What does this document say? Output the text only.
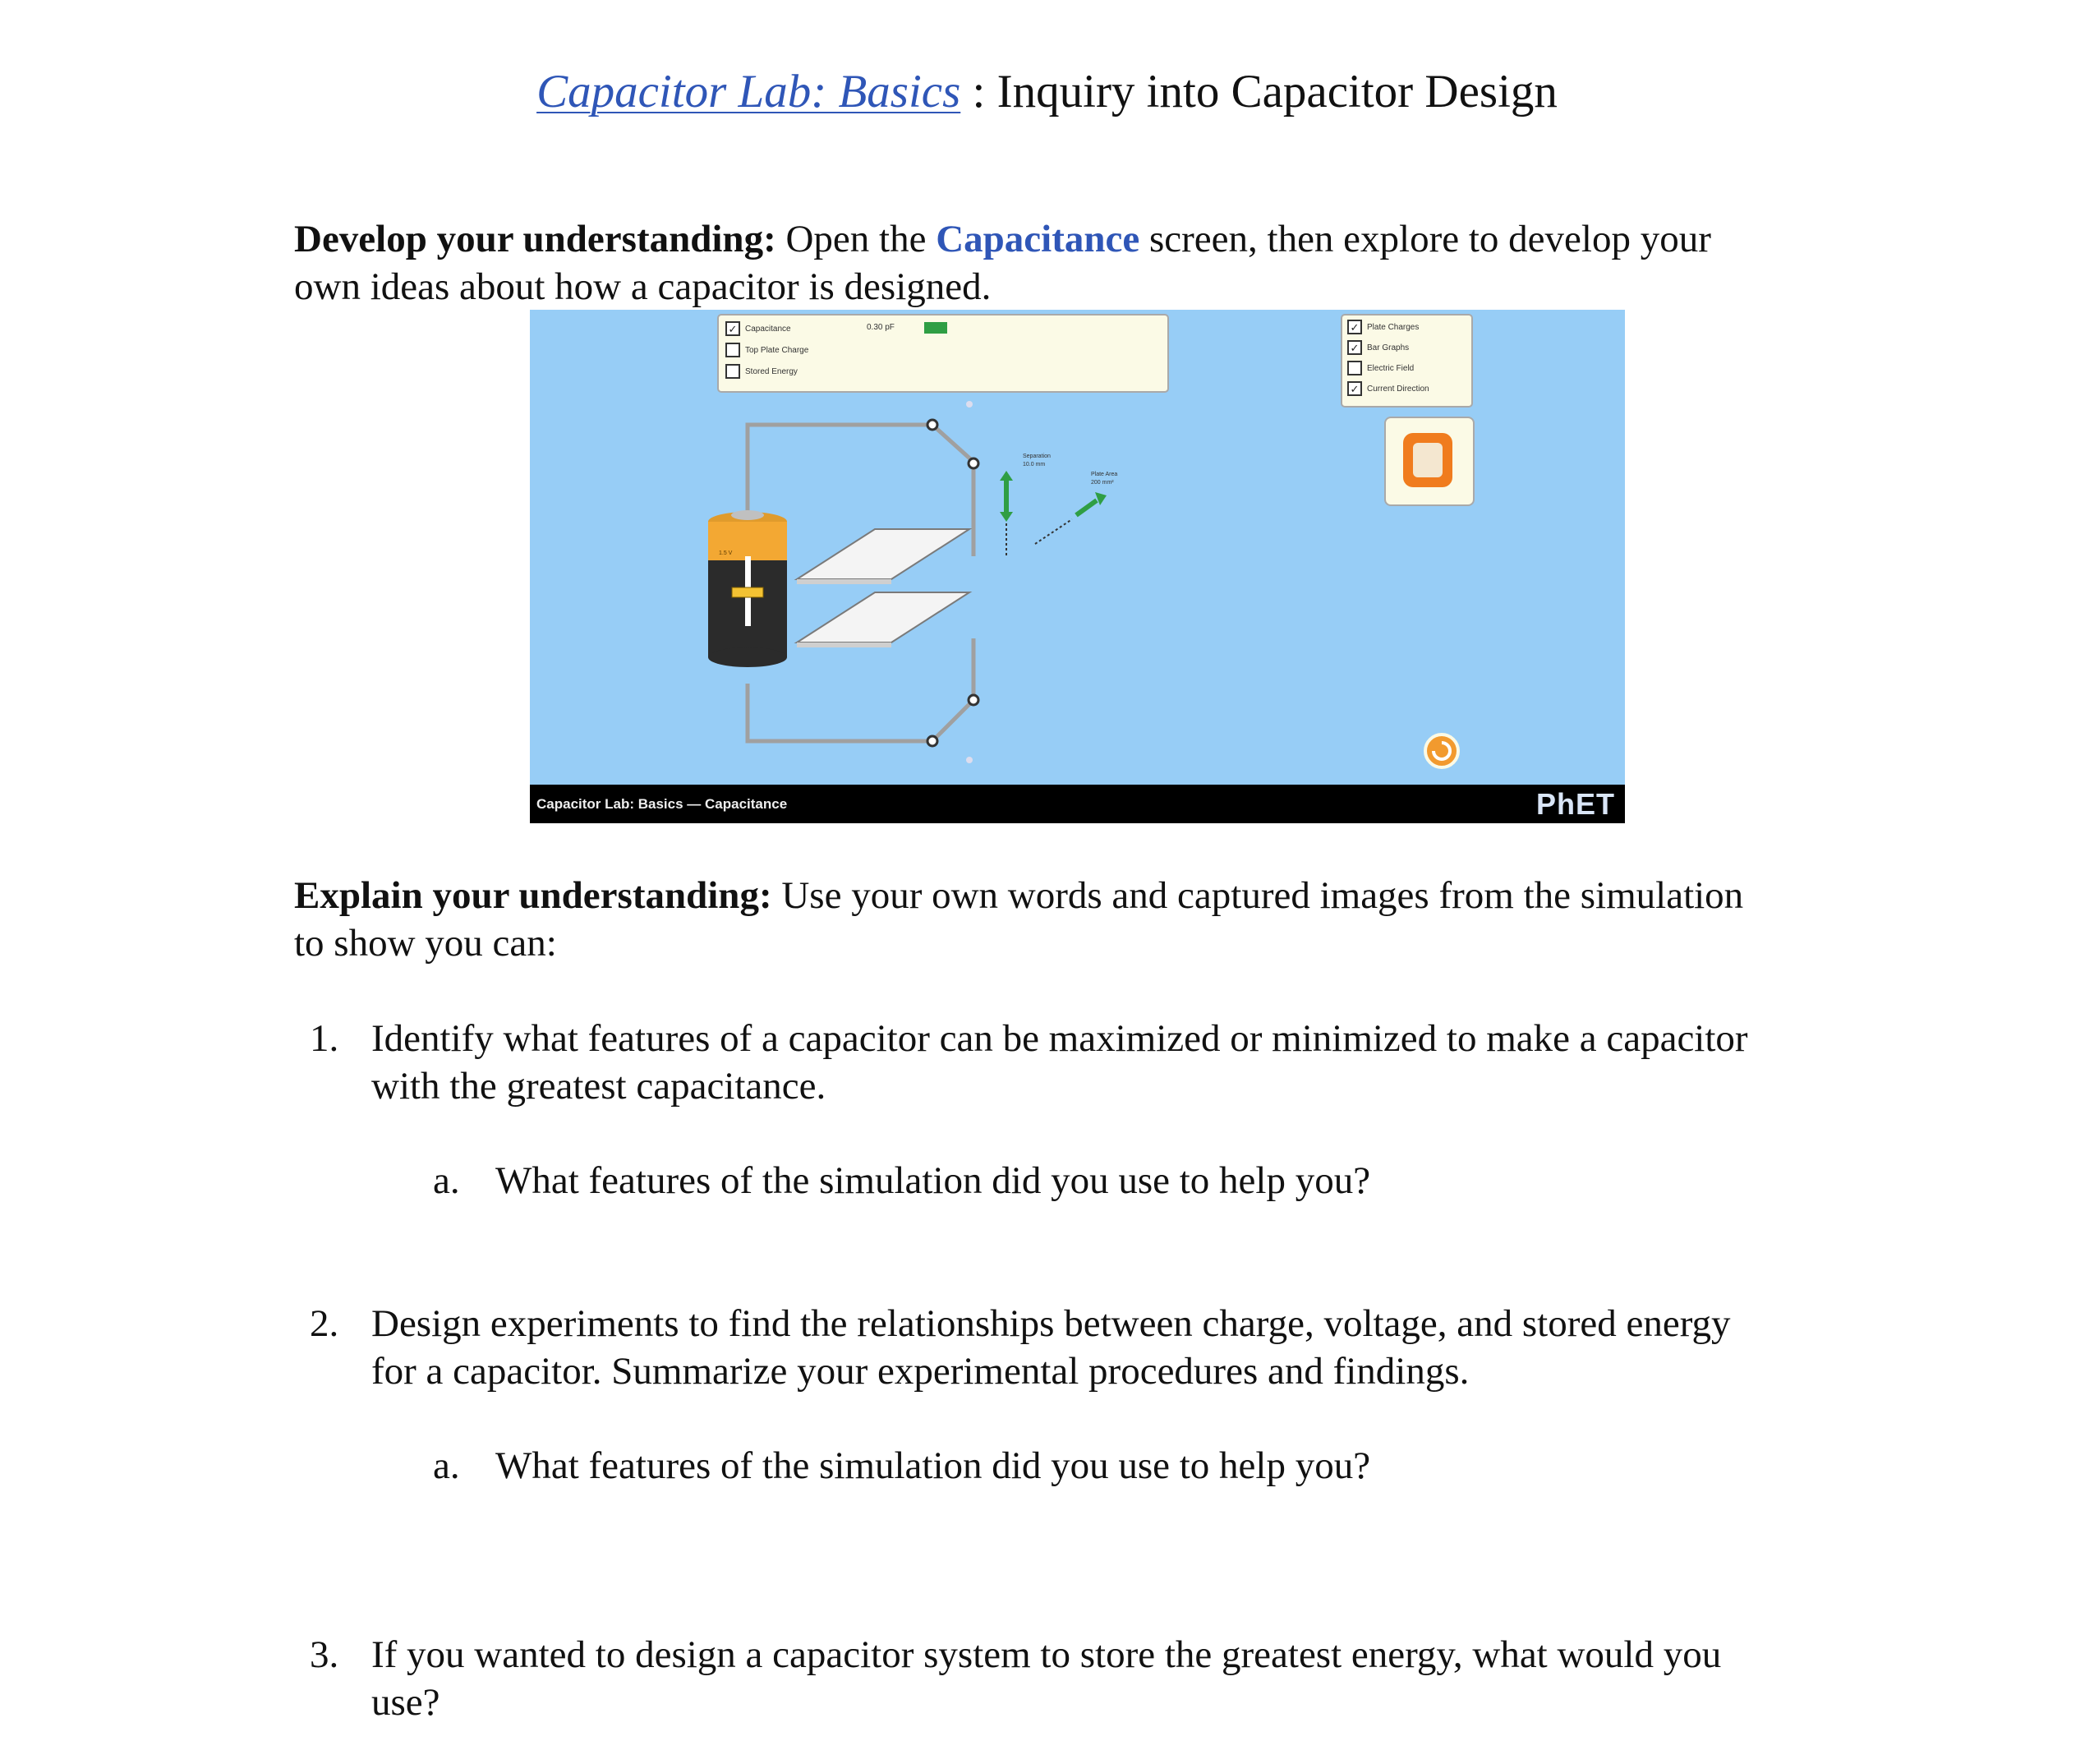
Capacitor Lab: Basics : Inquiry into Capacitor Design
Develop your understanding: Open the Capacitance screen, then explore to develop your
own ideas about how a capacitor is designed.
✓ Capacitance	0.30 pF
Top Plate Charge
Stored Energy
✓ Plate Charges
✓ Bar Graphs
Electric Field
✓ Current Direction
Separation
10.0 mm
Plate Area
200 mm²
1.5 V
Capacitor Lab: Basics — Capacitance	PhET
Explain your understanding: Use your own words and captured images from the simulation
to show you can:
1. Identify what features of a capacitor can be maximized or minimized to make a capacitor
with the greatest capacitance.
a. What features of the simulation did you use to help you?
2. Design experiments to find the relationships between charge, voltage, and stored energy
for a capacitor. Summarize your experimental procedures and findings.
a. What features of the simulation did you use to help you?
3. If you wanted to design a capacitor system to store the greatest energy, what would you
use?
